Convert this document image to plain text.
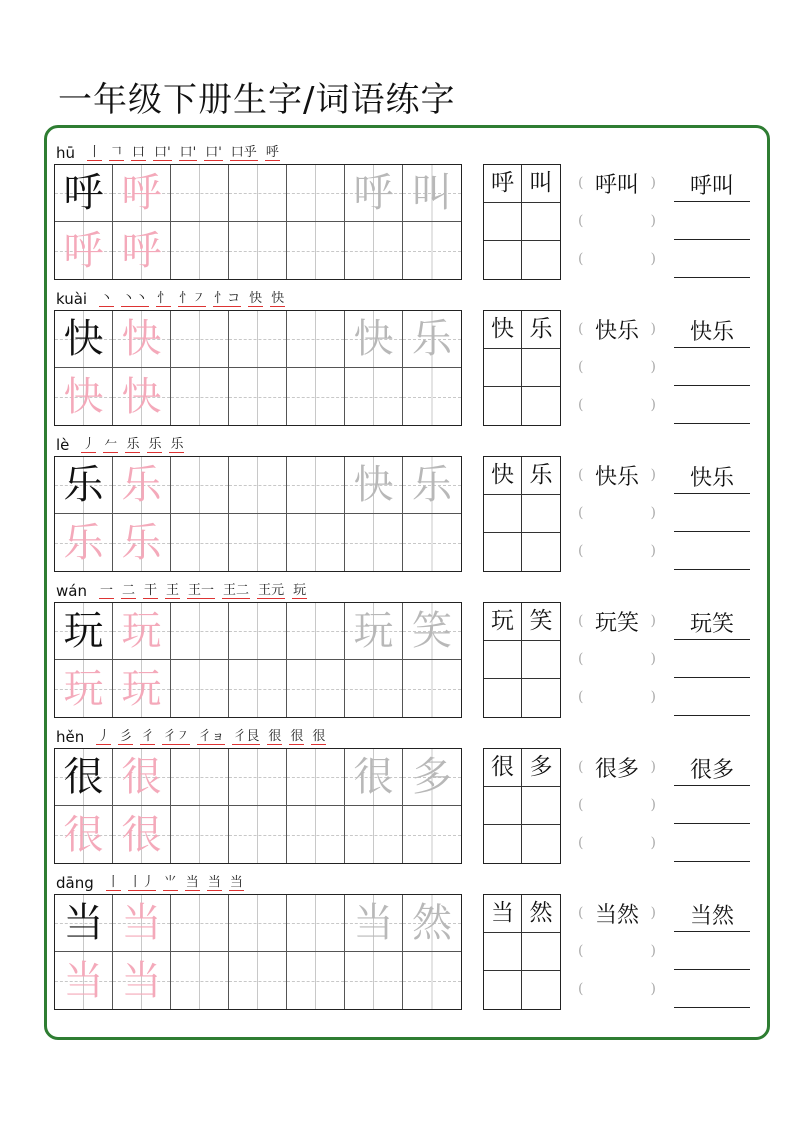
一年级下册生字/词语练字
hū 丨 𠃍 口 口' 口' 口' 口乎 呼
呼 呼	呼 叫
呼 呼
呼 叫 ( 呼叫 )
(	)
(	)
呼叫
kuài 丶 丶丶 忄 忄㇇ 忄コ 快 快
快 快	快 乐
快 快
快 乐 ( 快乐 )
(	)
(	)
快乐
lè 丿 𠂉 乐 乐 乐
乐 乐	快 乐
乐 乐
快 乐 ( 快乐 )
(	)
(	)
快乐
wán 一 二 干 王 王一 王二 王元 玩
玩 玩	玩 笑
玩 玩
玩 笑 ( 玩笑 )
(	)
(	)
玩笑
hěn 丿 彡 彳 彳㇇ 彳ョ 彳艮 很 很 很
很 很	很 多
很 很
很 多 ( 很多 )
(	)
(	)
很多
dāng 丨 丨丿 ⺌ 当 当 当
当 当	当 然
当 当
当 然 ( 当然 )
(	)
(	)
当然
